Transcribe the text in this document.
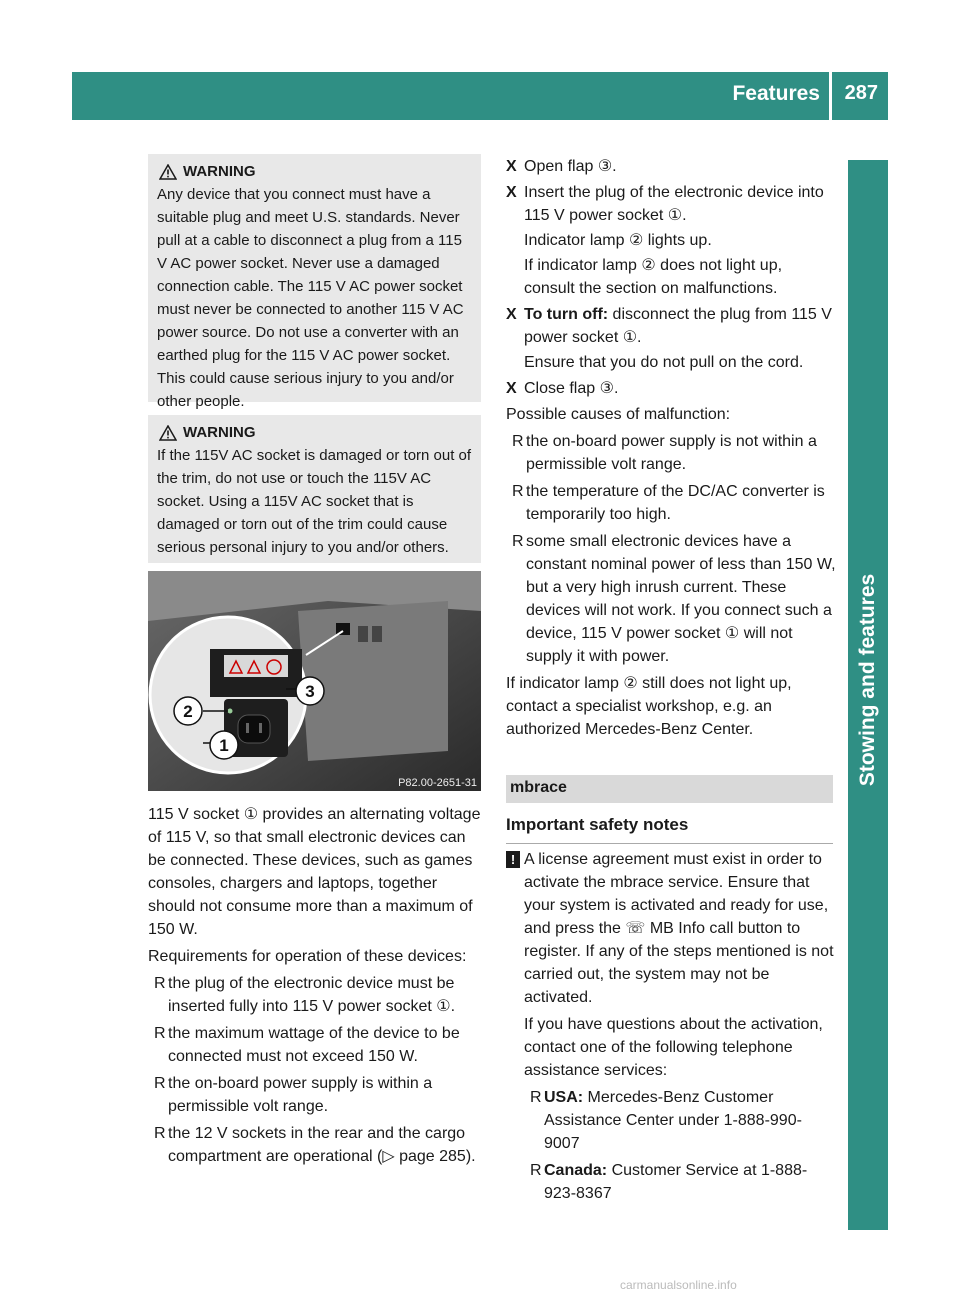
Features 287
Stowing and features
WARNING
Any device that you connect must have a suitable plug and meet U.S. standards. Never pull at a cable to disconnect a plug from a 115 V AC power socket. Never use a damaged connection cable. The 115 V AC power socket must never be connected to another 115 V AC power source. Do not use a converter with an earthed plug for the 115 V AC power socket. This could cause serious injury to you and/or other people.
WARNING
If the 115V AC socket is damaged or torn out of the trim, do not use or touch the 115V AC socket. Using a 115V AC socket that is damaged or torn out of the trim could cause serious personal injury to you and/or others.
2
1
3
P82.00-2651-31

115 V socket ① provides an alternating voltage of 115 V, so that small electronic devices can be connected. These devices, such as games consoles, chargers and laptops, together should not consume more than a maximum of 150 W.

Requirements for operation of these devices:

R the plug of the electronic device must be inserted fully into 115 V power socket ①.
R the maximum wattage of the device to be connected must not exceed 150 W.
R the on-board power supply is within a permissible volt range.
R the 12 V sockets in the rear and the cargo compartment are operational (▷ page 285).
X Open flap ③.
X Insert the plug of the electronic device into 115 V power socket ①.
Indicator lamp ② lights up.
If indicator lamp ② does not light up, consult the section on malfunctions.
X To turn off: disconnect the plug from 115 V power socket ①.
Ensure that you do not pull on the cord.
X Close flap ③.

Possible causes of malfunction:

R the on-board power supply is not within a permissible volt range.
R the temperature of the DC/AC converter is temporarily too high.
R some small electronic devices have a constant nominal power of less than 150 W, but a very high inrush current. These devices will not work. If you connect such a device, 115 V power socket ① will not supply it with power.

If indicator lamp ② still does not light up, contact a specialist workshop, e.g. an authorized Mercedes-Benz Center.

mbrace
Important safety notes
! A license agreement must exist in order to activate the mbrace service. Ensure that your system is activated and ready for use, and press the ☏ MB Info call button to register. If any of the steps mentioned is not carried out, the system may not be activated.

If you have questions about the activation, contact one of the following telephone assistance services:

R USA: Mercedes-Benz Customer Assistance Center under 1-888-990-9007
R Canada: Customer Service at 1-888-923-8367
carmanualsonline.info
